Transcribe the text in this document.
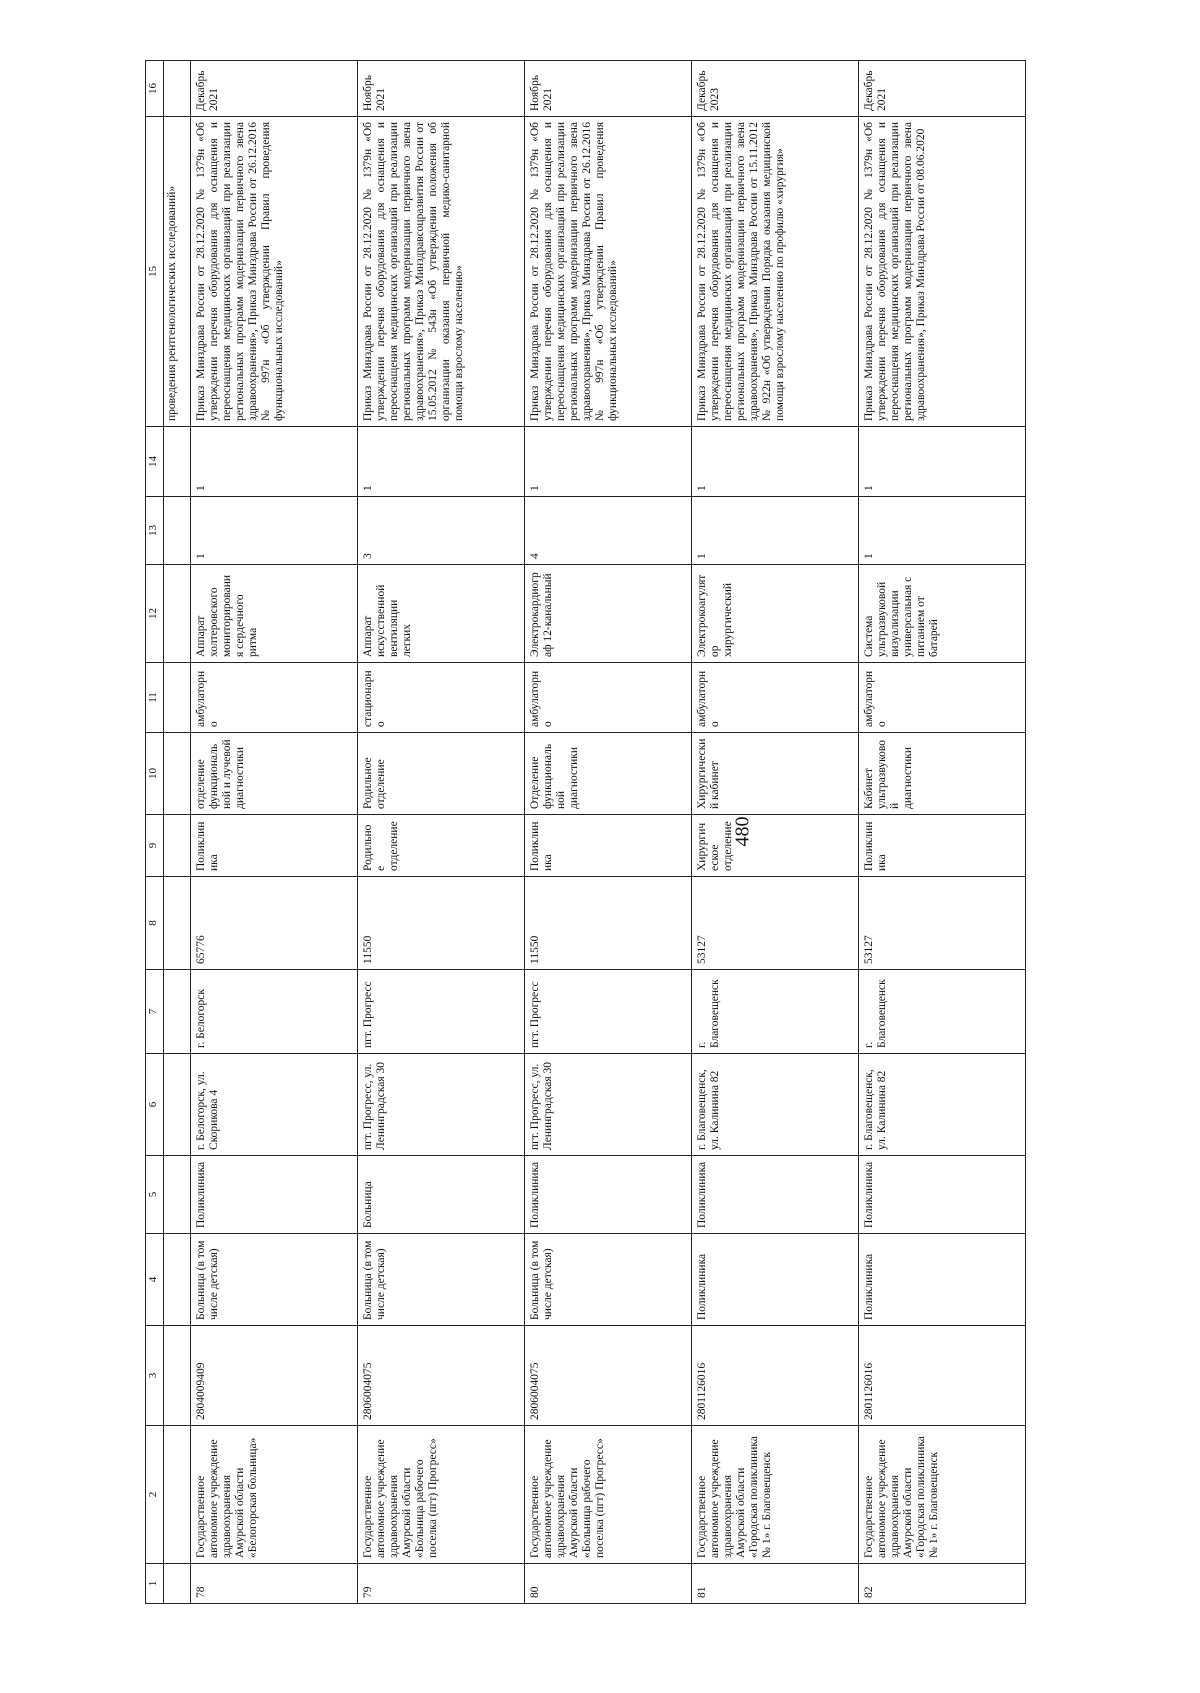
480
1	2	3	4	5	6	7	8	9	10	11	12	13	14	15	16
														проведения рентгенологических исследований»	
78	Государственное автономное учреждение здравоохранения Амурской области «Белогорская больница»	2804009409	Больница (в том числе детская)	Поликлиника	г. Белогорск, ул. Скорикова 4	г. Белогорск	65776	Поликлиника	отделение функциональной и лучевой диагностики	амбулаторно	Аппарат холтеровского мониторирования сердечного ритма	1	1	Приказ Минздрава России от 28.12.2020 № 1379н «Об утверждении перечня оборудования для оснащения и переоснащения медицинских организаций при реализации региональных программ модернизации первичного звена здравоохранения», Приказ Минздрава России от 26.12.2016 № 997н «Об утверждении Правил проведения функциональных исследований»	Декабрь 2021
79	Государственное автономное учреждение здравоохранения Амурской области «Больница рабочего поселка (пгт) Прогресс»	2806004075	Больница (в том числе детская)	Больница	пгт. Прогресс, ул. Ленинградская 30	пгт. Прогресс	11550	Родильное отделение	Родильное отделение	стационарно	Аппарат искусственной вентиляции легких	3	1	Приказ Минздрава России от 28.12.2020 № 1379н «Об утверждении перечня оборудования для оснащения и переоснащения медицинских организаций при реализации региональных программ модернизации первичного звена здравоохранения», Приказ Минздравсоцразвития России от 15.05.2012 № 543н «Об утверждении положения об организации оказания первичной медико-санитарной помощи взрослому населению»	Ноябрь 2021
80	Государственное автономное учреждение здравоохранения Амурской области «Больница рабочего поселка (пгт) Прогресс»	2806004075	Больница (в том числе детская)	Поликлиника	пгт. Прогресс, ул. Ленинградская 30	пгт. Прогресс	11550	Поликлиника	Отделение функциональной диагностики	амбулаторно	Электрокардиограф 12-канальный	4	1	Приказ Минздрава России от 28.12.2020 № 1379н «Об утверждении перечня оборудования для оснащения и переоснащения медицинских организаций при реализации региональных программ модернизации первичного звена здравоохранения», Приказ Минздрава России от 26.12.2016 № 997н «Об утверждении Правил проведения функциональных исследований»	Ноябрь 2021
81	Государственное автономное учреждение здравоохранения Амурской области «Городская поликлиника № 1» г. Благовещенск	2801126016	Поликлиника	Поликлиника	г. Благовещенск, ул. Калинина 82	г. Благовещенск	53127	Хирургическое отделение	Хирургический кабинет	амбулаторно	Электрокоагулятор хирургический	1	1	Приказ Минздрава России от 28.12.2020 № 1379н «Об утверждении перечня оборудования для оснащения и переоснащения медицинских организаций при реализации региональных программ модернизации первичного звена здравоохранения», Приказ Минздрава России от 15.11.2012 № 922н «Об утверждении Порядка оказания медицинской помощи взрослому населению по профилю «хирургия»	Декабрь 2023
82	Государственное автономное учреждение здравоохранения Амурской области «Городская поликлиника № 1» г. Благовещенск	2801126016	Поликлиника	Поликлиника	г. Благовещенск, ул. Калинина 82	г. Благовещенск	53127	Поликлиника	Кабинет ультразвуковой диагностики	амбулаторно	Система ультразвуковой визуализации универсальная с питанием от батарей	1	1	Приказ Минздрава России от 28.12.2020 № 1379н «Об утверждении перечня оборудования для оснащения и переоснащения медицинских организаций при реализации региональных программ модернизации первичного звена здравоохранения», Приказ Минздрава России от 08.06.2020	Декабрь 2021
